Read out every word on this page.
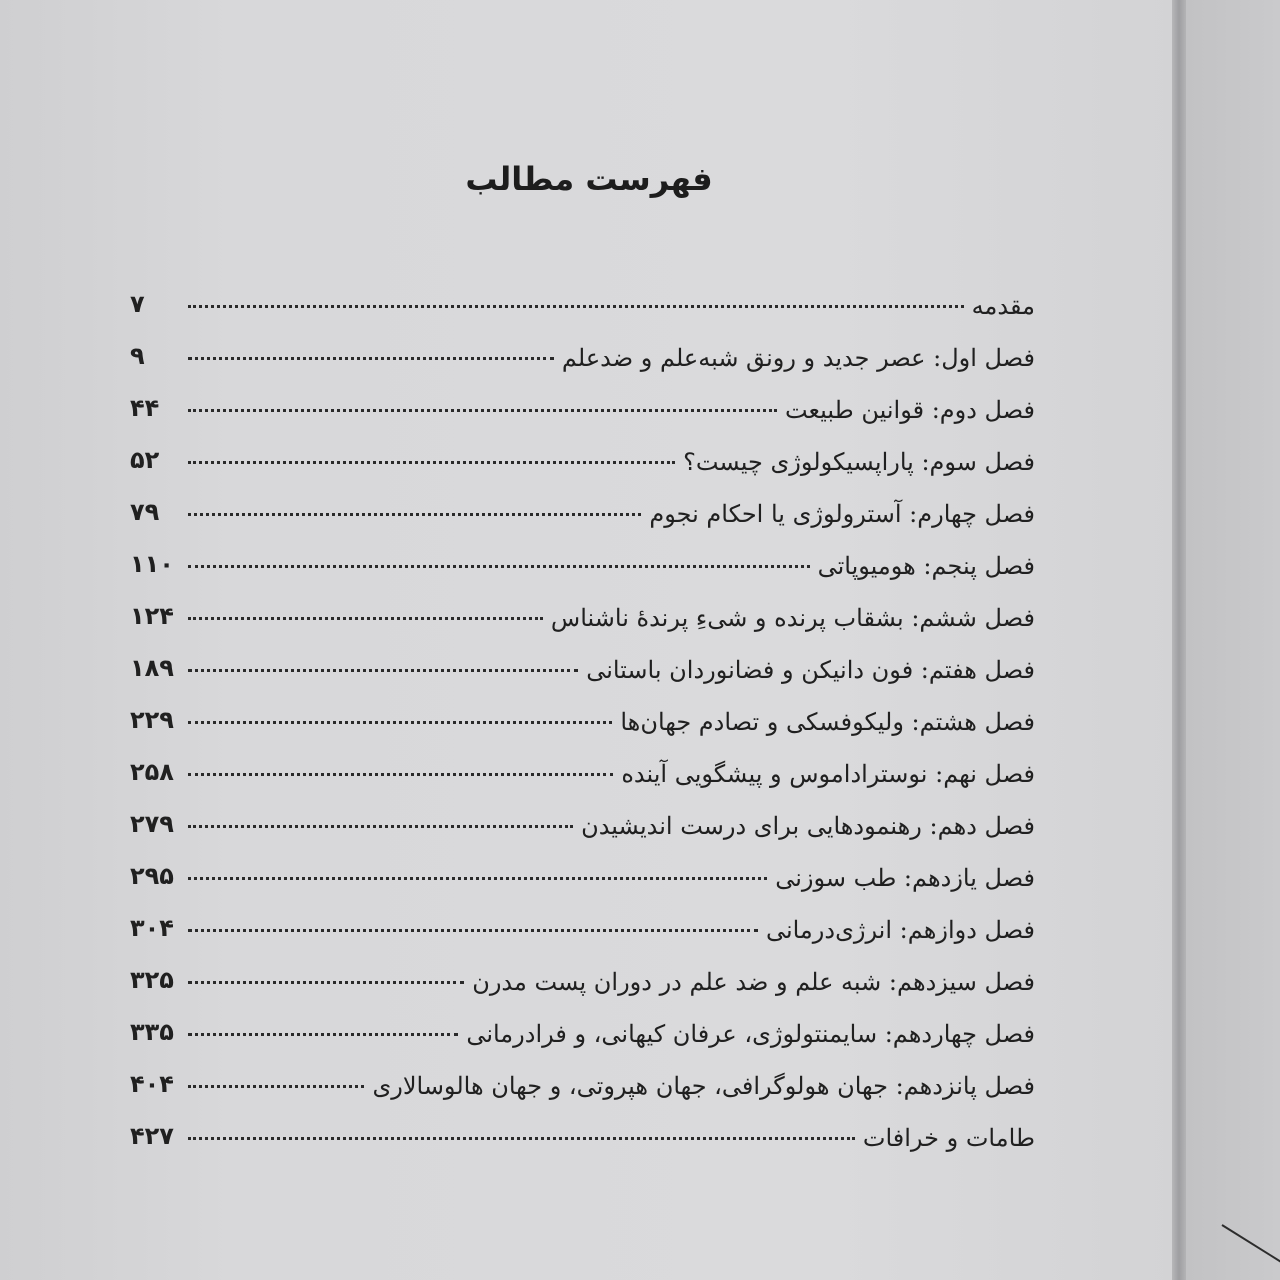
فهرست مطالب
۷	مقدمه
۹	فصل اول: عصر جدید و رونق شبه‌علم و ضدعلم
۴۴	فصل دوم: قوانین طبیعت
۵۲	فصل سوم: پاراپسیکولوژی چیست؟
۷۹	فصل چهارم: آسترولوژی یا احکام نجوم
۱۱۰	فصل پنجم: هومیوپاتی
۱۲۴	فصل ششم: بشقاب پرنده و شیءِ پرندهٔ ناشناس
۱۸۹	فصل هفتم: فون دانیکن و فضانوردان باستانی
۲۲۹	فصل هشتم: ولیکوفسکی و تصادم جهان‌ها
۲۵۸	فصل نهم: نوستراداموس و پیشگویی آینده
۲۷۹	فصل دهم: رهنمودهایی برای درست اندیشیدن
۲۹۵	فصل یازدهم: طب سوزنی
۳۰۴	فصل دوازهم: انرژی‌درمانی
۳۲۵	فصل سیزدهم: شبه علم و ضد علم در دوران پست مدرن
۳۳۵	فصل چهاردهم: سایمنتولوژی، عرفان کیهانی، و فرادرمانی
۴۰۴	فصل پانزدهم: جهان هولوگرافی، جهان هپروتی، و جهان هالوسالاری
۴۲۷	طامات و خرافات
